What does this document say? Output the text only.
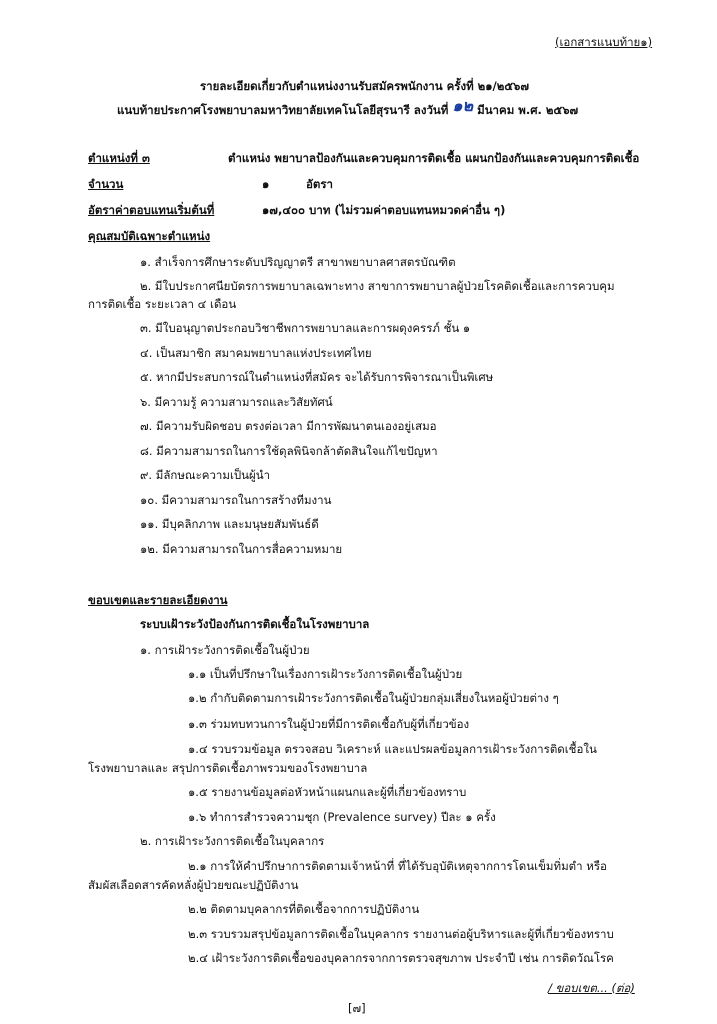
(เอกสารแนบท้าย๑)
รายละเอียดเกี่ยวกับตำแหน่งงานรับสมัครพนักงาน ครั้งที่ ๒๑/๒๕๖๗
แนบท้ายประกาศโรงพยาบาลมหาวิทยาลัยเทคโนโลยีสุรนารี ลงวันที่ ๑๒ มีนาคม พ.ศ. ๒๕๖๗
ตำแหน่งที่ ๓	ตำแหน่ง พยาบาลป้องกันและควบคุมการติดเชื้อ แผนกป้องกันและควบคุมการติดเชื้อ
จำนวน	๑	อัตรา
อัตราค่าตอบแทนเริ่มต้นที่	๑๗,๔๐๐ บาท (ไม่รวมค่าตอบแทนหมวดค่าอื่น ๆ)
คุณสมบัติเฉพาะตำแหน่ง
๑. สำเร็จการศึกษาระดับปริญญาตรี สาขาพยาบาลศาสตรบัณฑิต
๒. มีใบประกาศนียบัตรการพยาบาลเฉพาะทาง สาขาการพยาบาลผู้ป่วยโรคติดเชื้อและการควบคุม
การติดเชื้อ ระยะเวลา ๔ เดือน
๓. มีใบอนุญาตประกอบวิชาชีพการพยาบาลและการผดุงครรภ์ ชั้น ๑
๔. เป็นสมาชิก สมาคมพยาบาลแห่งประเทศไทย
๕. หากมีประสบการณ์ในตำแหน่งที่สมัคร จะได้รับการพิจารณาเป็นพิเศษ
๖. มีความรู้ ความสามารถและวิสัยทัศน์
๗. มีความรับผิดชอบ ตรงต่อเวลา มีการพัฒนาตนเองอยู่เสมอ
๘. มีความสามารถในการใช้ดุลพินิจกล้าตัดสินใจแก้ไขปัญหา
๙. มีลักษณะความเป็นผู้นำ
๑๐. มีความสามารถในการสร้างทีมงาน
๑๑. มีบุคลิกภาพ และมนุษยสัมพันธ์ดี
๑๒. มีความสามารถในการสื่อความหมาย
ขอบเขตและรายละเอียดงาน
ระบบเฝ้าระวังป้องกันการติดเชื้อในโรงพยาบาล
๑. การเฝ้าระวังการติดเชื้อในผู้ป่วย
๑.๑ เป็นที่ปรึกษาในเรื่องการเฝ้าระวังการติดเชื้อในผู้ป่วย
๑.๒ กำกับติดตามการเฝ้าระวังการติดเชื้อในผู้ป่วยกลุ่มเสี่ยงในหอผู้ป่วยต่าง ๆ
๑.๓ ร่วมทบทวนการในผู้ป่วยที่มีการติดเชื้อกับผู้ที่เกี่ยวข้อง
๑.๔ รวบรวมข้อมูล ตรวจสอบ วิเคราะห์ และแปรผลข้อมูลการเฝ้าระวังการติดเชื้อใน
โรงพยาบาลและ สรุปการติดเชื้อภาพรวมของโรงพยาบาล
๑.๕ รายงานข้อมูลต่อหัวหน้าแผนกและผู้ที่เกี่ยวข้องทราบ
๑.๖ ทำการสำรวจความชุก (Prevalence survey) ปีละ ๑ ครั้ง
๒. การเฝ้าระวังการติดเชื้อในบุคลากร
๒.๑ การให้คำปรึกษาการติดตามเจ้าหน้าที่ ที่ได้รับอุบัติเหตุจากการโดนเข็มทิ่มตำ หรือ
สัมผัสเลือดสารคัดหลั่งผู้ป่วยขณะปฏิบัติงาน
๒.๒ ติดตามบุคลากรที่ติดเชื้อจากการปฏิบัติงาน
๒.๓ รวบรวมสรุปข้อมูลการติดเชื้อในบุคลากร รายงานต่อผู้บริหารและผู้ที่เกี่ยวข้องทราบ
๒.๔ เฝ้าระวังการติดเชื้อของบุคลากรจากการตรวจสุขภาพ ประจำปี เช่น การติดวัณโรค
/ ขอบเขต... (ต่อ)
[๗]
